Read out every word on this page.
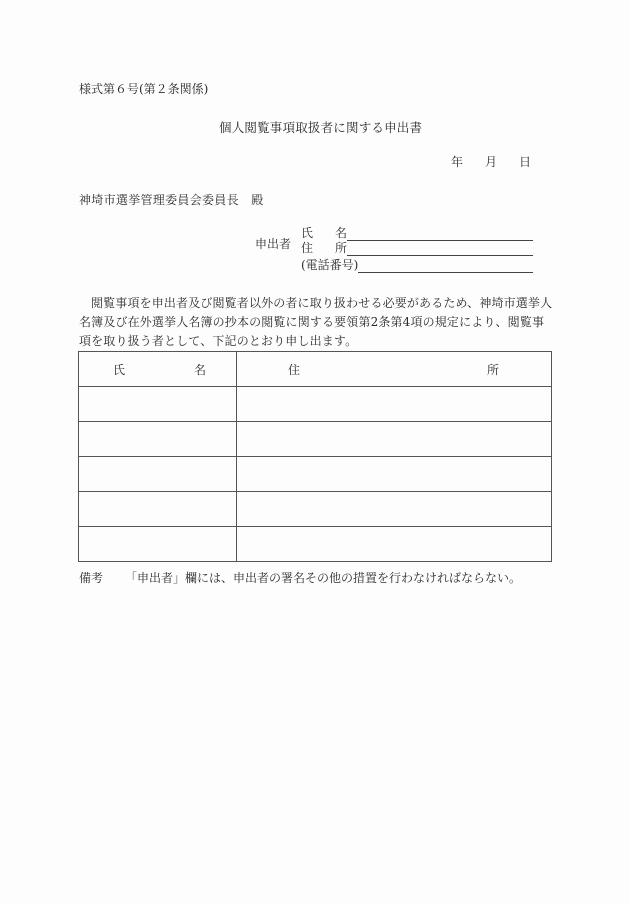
様式第６号(第２条関係)
個人閲覧事項取扱者に関する申出書
年 月 日
神埼市選挙管理委員会委員長　殿
申出者
氏 名
住 所
(電話番号)
閲覧事項を申出者及び閲覧者以外の者に取り扱わせる必要があるため、神埼市選挙人名簿及び在外選挙人名簿の抄本の閲覧に関する要領第2条第4項の規定により、閲覧事項を取り扱う者として、下記のとおり申し出ます。
氏 名	住 所

備考 「申出者」欄には、申出者の署名その他の措置を行わなければならない。
